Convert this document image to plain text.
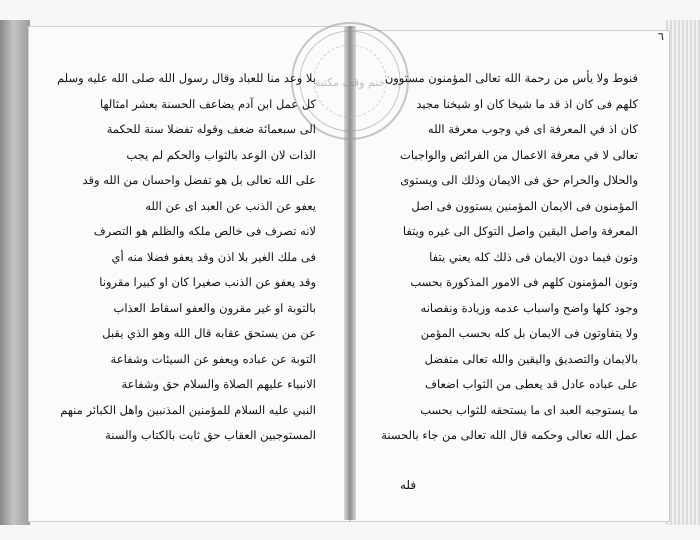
ختم وقف مكتبة
٦
بلا وعد منا للعباد وقال رسول الله صلى الله عليه وسلم
كل عمل ابن آدم يضاعف الحسنة بعشر امثالها
الى سبعمائة ضعف وقوله تفضلا سنة للحكمة
الذات لان الوعد بالثواب والحكم لم يجب
على الله تعالى بل هو تفضل واحسان من الله وقد
يعفو عن الذنب عن العبد اى عن الله
لانه تصرف فى خالص ملكه والظلم هو التصرف
فى ملك الغير بلا اذن وقد يعفو فضلا منه أي
وقد يعفو عن الذنب صغيرا كان او كبيرا مقرونا
بالتوبة او غير مقرون والعفو اسقاط العذاب
عن من يستحق عقابه قال الله وهو الذي يقبل
التوبة عن عباده ويعفو عن السيئات وشفاعة
الانبياء عليهم الصلاة والسلام حق وشفاعة
النبي عليه السلام للمؤمنين المذنبين واهل الكبائر منهم
المستوجبين العقاب حق ثابت بالكتاب والسنة
فنوط ولا يأس من رحمة الله تعالى المؤمنون مستوون
كلهم فى كان اذ قد ما شيخا كان او شيخنا مجيد
كان اذ في المعرفة اى في وجوب معرفة الله
تعالى لا في معرفة الاعمال من الفرائض والواجبات
والحلال والحرام حق فى الايمان وذلك الى ويستوى
المؤمنون فى الايمان المؤمنين يستوون فى اصل
المعرفة واصل اليقين واصل التوكل الى غيره ويتفا
وتون فيما دون الايمان فى ذلك كله يعني يتفا
وتون المؤمنون كلهم فى الامور المذكورة بحسب
وجود كلها واضح واسباب عدمه وزيادة ونقصانه
ولا يتفاوتون فى الايمان بل كله بحسب المؤمن
بالايمان والتصديق واليقين والله تعالى متفضل
على عباده عادل قد يعطى من الثواب اضعاف
ما يستوجبه العبد اى ما يستحقه للثواب بحسب
عمل الله تعالى وحكمه قال الله تعالى من جاء بالحسنة
فله
